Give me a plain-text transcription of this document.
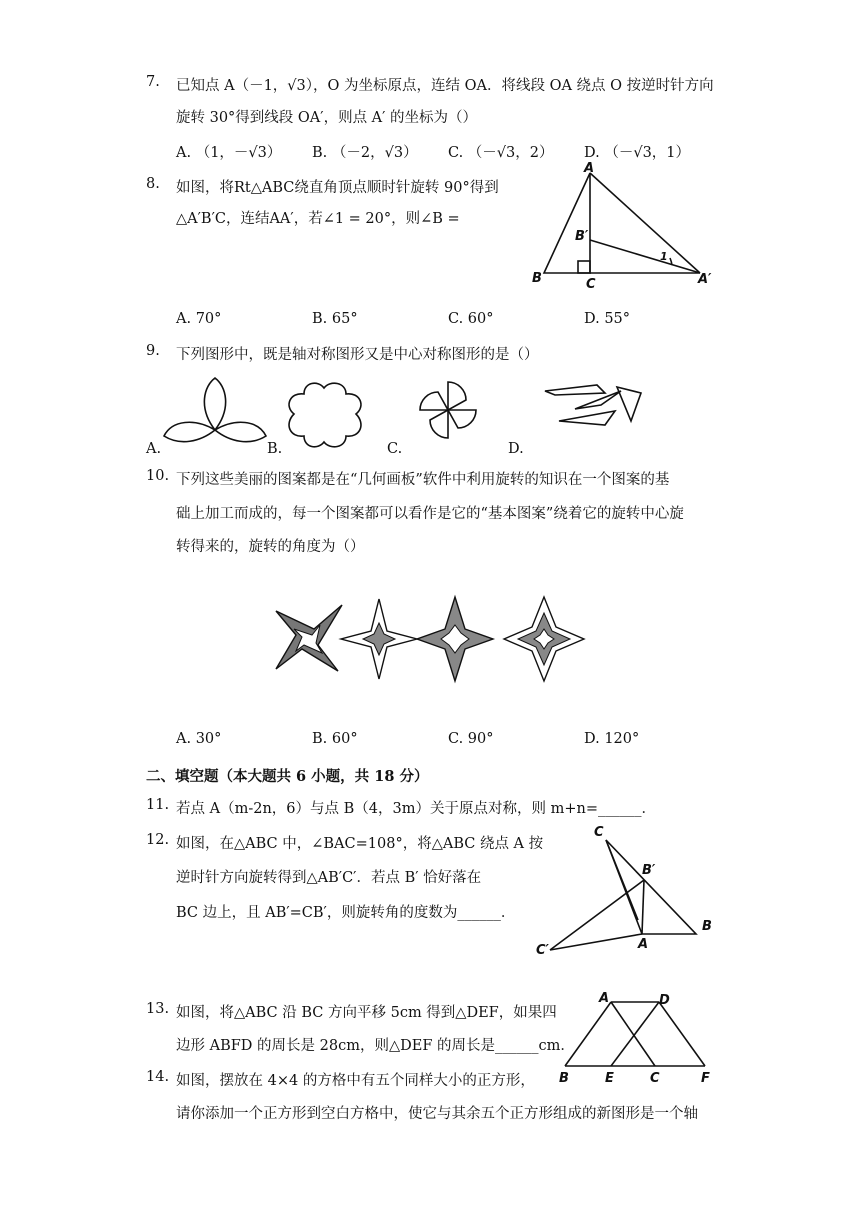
7. 已知点 A（－1，√3），O 为坐标原点，连结 OA．将线段 OA 绕点 O 按逆时针方向
旋转 30°得到线段 OA′，则点 A′ 的坐标为（）
A. （1，－√3） B. （－2，√3） C. （－√3，2） D. （－√3，1）
8. 如图，将Rt△ABC绕直角顶点顺时针旋转 90°得到
△A′B′C，连结AA′，若∠1 = 20°，则∠B =
A
B′
B	C
1
A′
A. 70°	B. 65°	C. 60°	D. 55°
9. 下列图形中，既是轴对称图形又是中心对称图形的是（）
A.	B.	C.	D.
10. 下列这些美丽的图案都是在“几何画板”软件中利用旋转的知识在一个图案的基
础上加工而成的，每一个图案都可以看作是它的“基本图案”绕着它的旋转中心旋
转得来的，旋转的角度为（）
A. 30°	B. 60°	C. 90°	D. 120°
二、填空题（本大题共 6 小题，共 18 分）
11. 若点 A（m-2n，6）与点 B（4，3m）关于原点对称，则 m+n=______．
12. 如图，在△ABC 中，∠BAC=108°，将△ABC 绕点 A 按
逆时针方向旋转得到△AB′C′．若点 B′ 恰好落在
BC 边上，且 AB′=CB′，则旋转角的度数为______．
C
B′
B
C′	A
13. 如图，将△ABC 沿 BC 方向平移 5cm 得到△DEF，如果四
边形 ABFD 的周长是 28cm，则△DEF 的周长是______cm．
A	D
B	E	C	F
14. 如图，摆放在 4×4 的方格中有五个同样大小的正方形，
请你添加一个正方形到空白方格中，使它与其余五个正方形组成的新图形是一个轴
